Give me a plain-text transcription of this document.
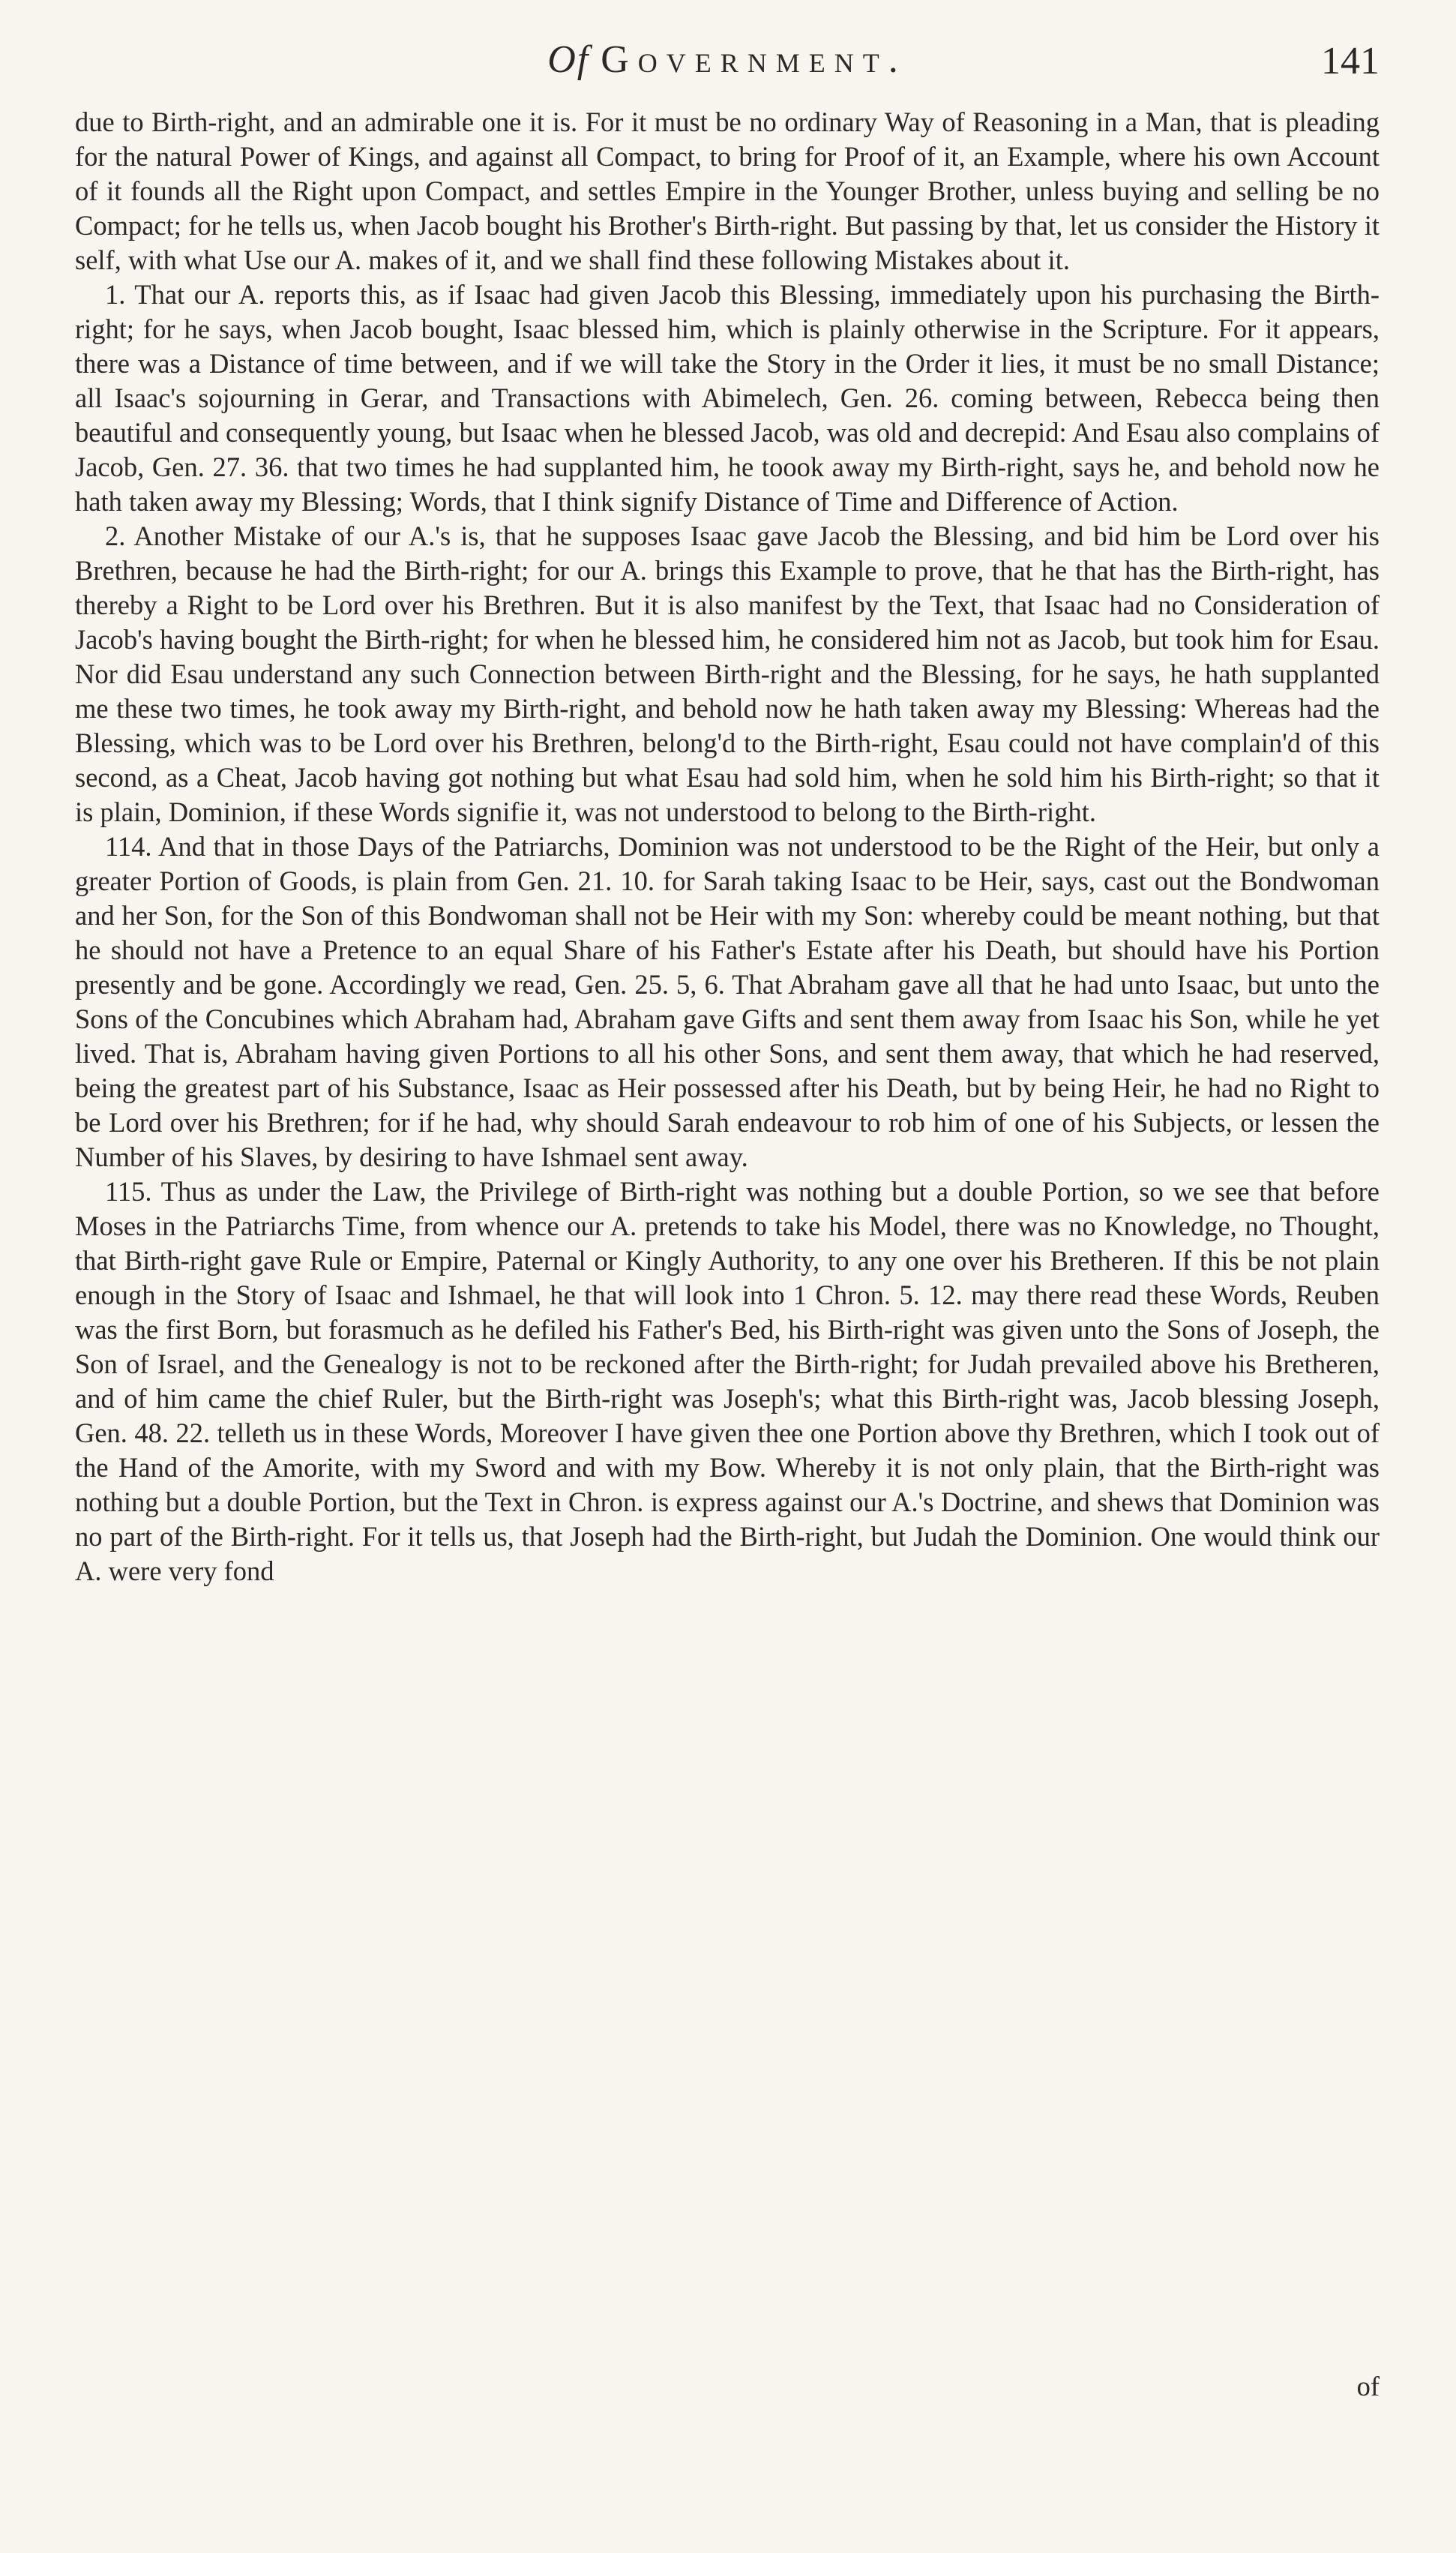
Of Government.	141

due to Birth-right, and an admirable one it is. For it must be no ordinary Way of Reasoning in a Man, that is pleading for the natural Power of Kings, and against all Compact, to bring for Proof of it, an Example, where his own Account of it founds all the Right upon Compact, and settles Empire in the Younger Brother, unless buying and selling be no Compact; for he tells us, when Jacob bought his Brother's Birth-right. But passing by that, let us consider the History it self, with what Use our A. makes of it, and we shall find these following Mistakes about it.

1. That our A. reports this, as if Isaac had given Jacob this Blessing, immediately upon his purchasing the Birth-right; for he says, when Jacob bought, Isaac blessed him, which is plainly otherwise in the Scripture. For it appears, there was a Distance of time between, and if we will take the Story in the Order it lies, it must be no small Distance; all Isaac's sojourning in Gerar, and Transactions with Abimelech, Gen. 26. coming between, Rebecca being then beautiful and consequently young, but Isaac when he blessed Jacob, was old and decrepid: And Esau also complains of Jacob, Gen. 27. 36. that two times he had supplanted him, he toook away my Birth-right, says he, and behold now he hath taken away my Blessing; Words, that I think signify Distance of Time and Difference of Action.

2. Another Mistake of our A.'s is, that he supposes Isaac gave Jacob the Blessing, and bid him be Lord over his Brethren, because he had the Birth-right; for our A. brings this Example to prove, that he that has the Birth-right, has thereby a Right to be Lord over his Brethren. But it is also manifest by the Text, that Isaac had no Consideration of Jacob's having bought the Birth-right; for when he blessed him, he considered him not as Jacob, but took him for Esau. Nor did Esau understand any such Connection between Birth-right and the Blessing, for he says, he hath supplanted me these two times, he took away my Birth-right, and behold now he hath taken away my Blessing: Whereas had the Blessing, which was to be Lord over his Brethren, belong'd to the Birth-right, Esau could not have complain'd of this second, as a Cheat, Jacob having got nothing but what Esau had sold him, when he sold him his Birth-right; so that it is plain, Dominion, if these Words signifie it, was not understood to belong to the Birth-right.

114. And that in those Days of the Patriarchs, Dominion was not understood to be the Right of the Heir, but only a greater Portion of Goods, is plain from Gen. 21. 10. for Sarah taking Isaac to be Heir, says, cast out the Bondwoman and her Son, for the Son of this Bondwoman shall not be Heir with my Son: whereby could be meant nothing, but that he should not have a Pretence to an equal Share of his Father's Estate after his Death, but should have his Portion presently and be gone. Accordingly we read, Gen. 25. 5, 6. That Abraham gave all that he had unto Isaac, but unto the Sons of the Concubines which Abraham had, Abraham gave Gifts and sent them away from Isaac his Son, while he yet lived. That is, Abraham having given Portions to all his other Sons, and sent them away, that which he had reserved, being the greatest part of his Substance, Isaac as Heir possessed after his Death, but by being Heir, he had no Right to be Lord over his Brethren; for if he had, why should Sarah endeavour to rob him of one of his Subjects, or lessen the Number of his Slaves, by desiring to have Ishmael sent away.

115. Thus as under the Law, the Privilege of Birth-right was nothing but a double Portion, so we see that before Moses in the Patriarchs Time, from whence our A. pretends to take his Model, there was no Knowledge, no Thought, that Birth-right gave Rule or Empire, Paternal or Kingly Authority, to any one over his Bretheren. If this be not plain enough in the Story of Isaac and Ishmael, he that will look into 1 Chron. 5. 12. may there read these Words, Reuben was the first Born, but forasmuch as he defiled his Father's Bed, his Birth-right was given unto the Sons of Joseph, the Son of Israel, and the Genealogy is not to be reckoned after the Birth-right; for Judah prevailed above his Bretheren, and of him came the chief Ruler, but the Birth-right was Joseph's; what this Birth-right was, Jacob blessing Joseph, Gen. 48. 22. telleth us in these Words, Moreover I have given thee one Portion above thy Brethren, which I took out of the Hand of the Amorite, with my Sword and with my Bow. Whereby it is not only plain, that the Birth-right was nothing but a double Portion, but the Text in Chron. is express against our A.'s Doctrine, and shews that Dominion was no part of the Birth-right. For it tells us, that Joseph had the Birth-right, but Judah the Dominion. One would think our A. were very fond

of
